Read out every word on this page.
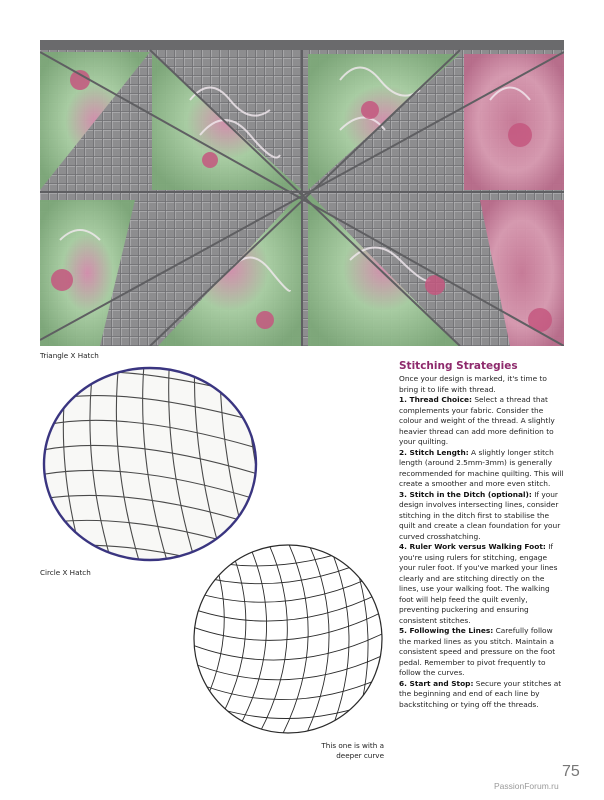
Triangle X Hatch
Circle X Hatch
This one is with a deeper curve
Stitching Strategies

Once your design is marked, it's time to bring it to life with thread.

1. Thread Choice: Select a thread that complements your fabric. Consider the colour and weight of the thread. A slightly heavier thread can add more definition to your quilting.

2. Stitch Length: A slightly longer stitch length (around 2.5mm-3mm) is generally recommended for machine quilting. This will create a smoother and more even stitch.

3. Stitch in the Ditch (optional): If your design involves intersecting lines, consider stitching in the ditch first to stabilise the quilt and create a clean foundation for your curved crosshatching.

4. Ruler Work versus Walking Foot: If you're using rulers for stitching, engage your ruler foot. If you've marked your lines clearly and are stitching directly on the lines, use your walking foot. The walking foot will help feed the quilt evenly, preventing puckering and ensuring consistent stitches.

5. Following the Lines: Carefully follow the marked lines as you stitch. Maintain a consistent speed and pressure on the foot pedal. Remember to pivot frequently to follow the curves.

6. Start and Stop: Secure your stitches at the beginning and end of each line by backstitching or tying off the threads.

75
PassionForum.ru
